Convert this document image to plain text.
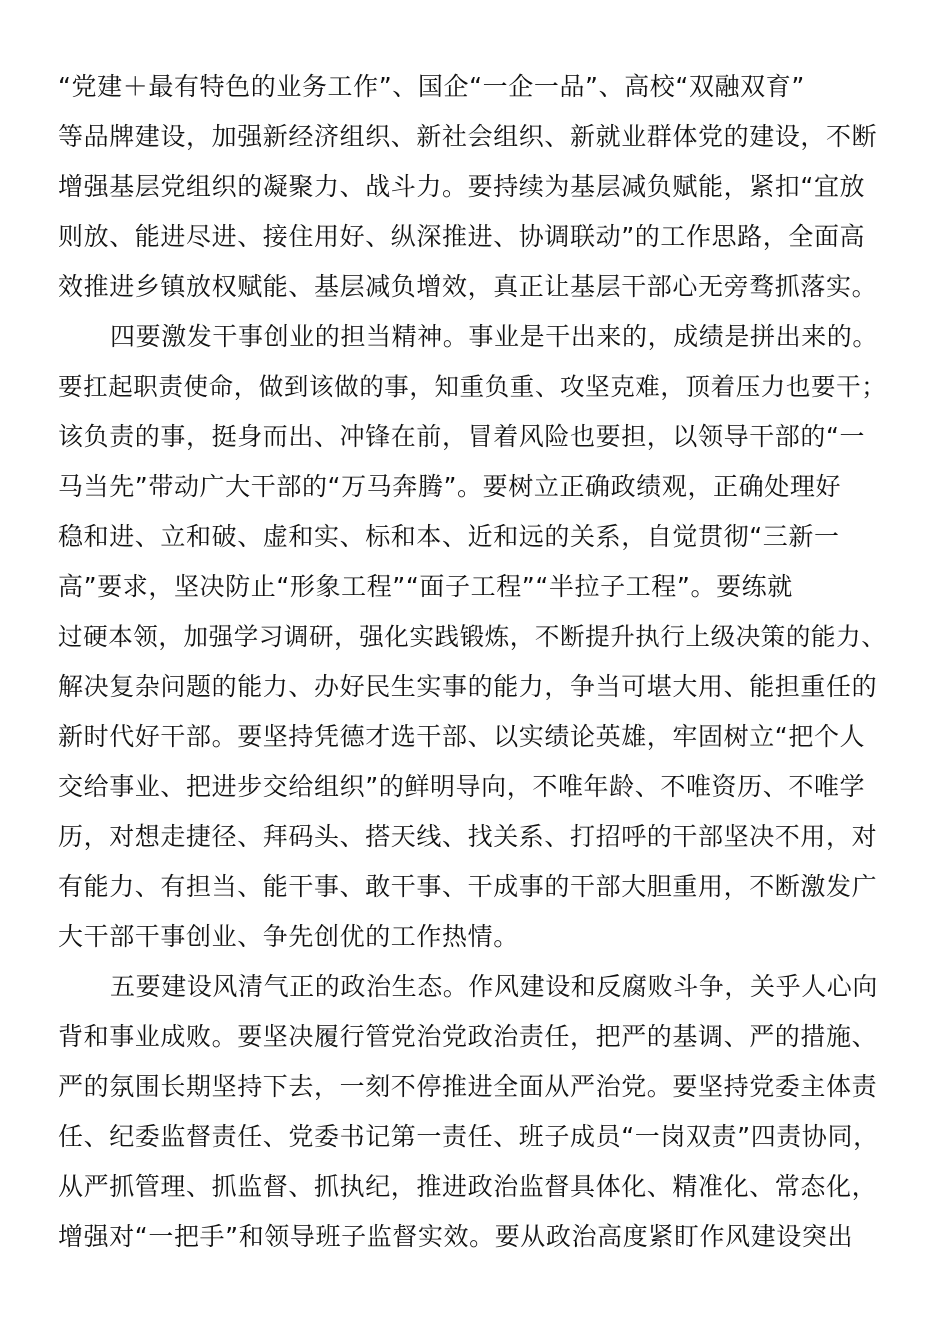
“党建＋最有特色的业务工作”、国企“一企一品”、高校“双融双育”
等品牌建设，加强新经济组织、新社会组织、新就业群体党的建设，不断
增强基层党组织的凝聚力、战斗力。要持续为基层减负赋能，紧扣“宜放
则放、能进尽进、接住用好、纵深推进、协调联动”的工作思路，全面高
效推进乡镇放权赋能、基层减负增效，真正让基层干部心无旁骛抓落实。
四要激发干事创业的担当精神。事业是干出来的，成绩是拼出来的。
要扛起职责使命，做到该做的事，知重负重、攻坚克难，顶着压力也要干；
该负责的事，挺身而出、冲锋在前，冒着风险也要担，以领导干部的“一
马当先”带动广大干部的“万马奔腾”。要树立正确政绩观，正确处理好
稳和进、立和破、虚和实、标和本、近和远的关系，自觉贯彻“三新一
高”要求，坚决防止“形象工程”“面子工程”“半拉子工程”。要练就
过硬本领，加强学习调研，强化实践锻炼，不断提升执行上级决策的能力、
解决复杂问题的能力、办好民生实事的能力，争当可堪大用、能担重任的
新时代好干部。要坚持凭德才选干部、以实绩论英雄，牢固树立“把个人
交给事业、把进步交给组织”的鲜明导向，不唯年龄、不唯资历、不唯学
历，对想走捷径、拜码头、搭天线、找关系、打招呼的干部坚决不用，对
有能力、有担当、能干事、敢干事、干成事的干部大胆重用，不断激发广
大干部干事创业、争先创优的工作热情。
五要建设风清气正的政治生态。作风建设和反腐败斗争，关乎人心向
背和事业成败。要坚决履行管党治党政治责任，把严的基调、严的措施、
严的氛围长期坚持下去，一刻不停推进全面从严治党。要坚持党委主体责
任、纪委监督责任、党委书记第一责任、班子成员“一岗双责”四责协同，
从严抓管理、抓监督、抓执纪，推进政治监督具体化、精准化、常态化，
增强对“一把手”和领导班子监督实效。要从政治高度紧盯作风建设突出
